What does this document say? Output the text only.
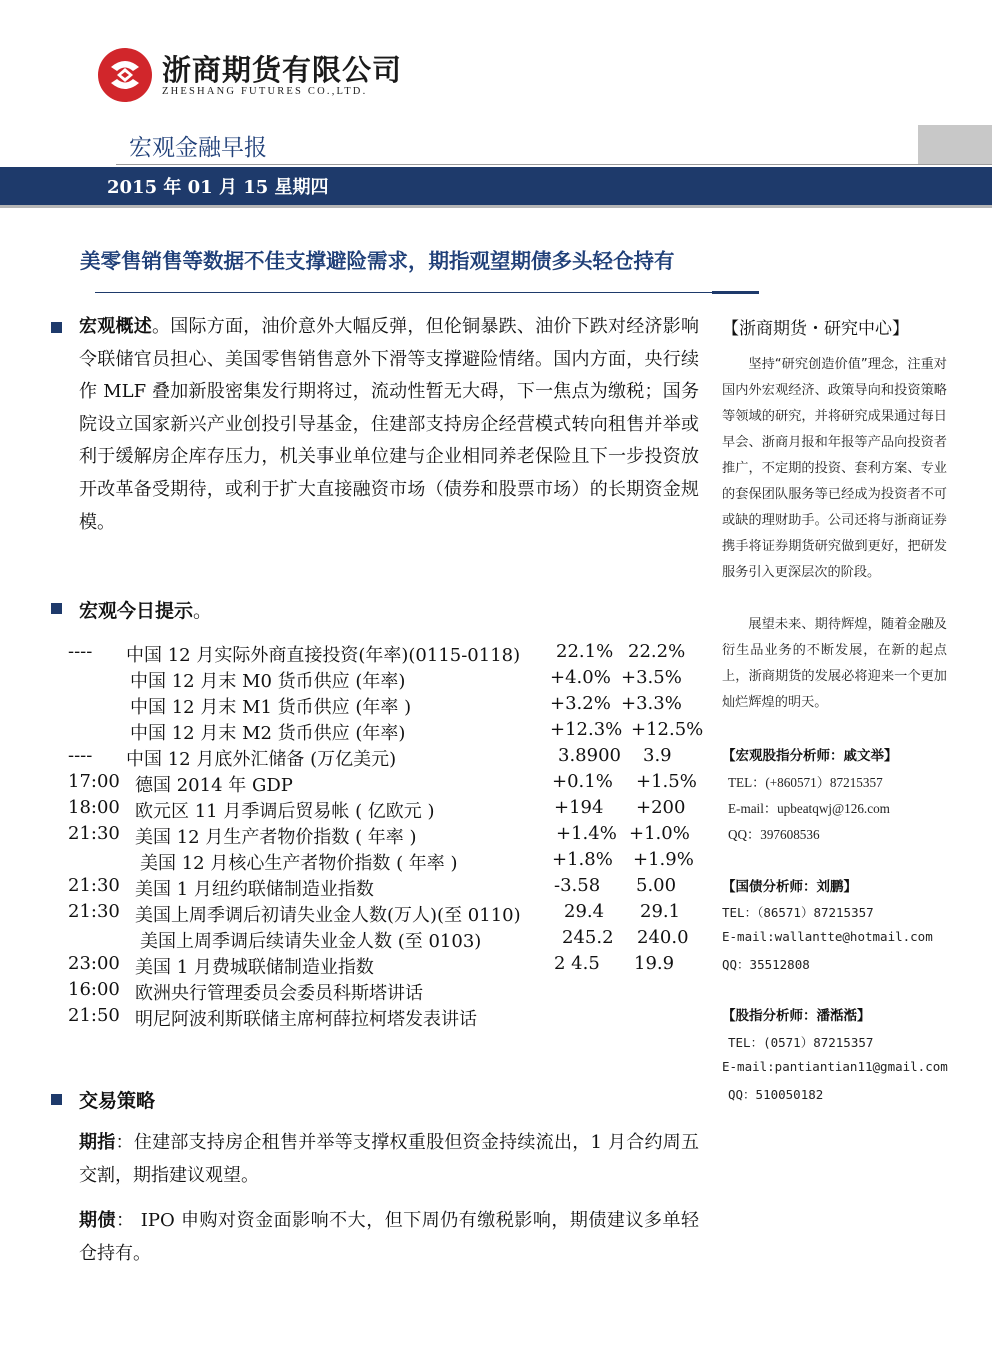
浙商期货有限公司
ZHESHANG FUTURES CO.,LTD.
宏观金融早报
2015 年 01 月 15 星期四
美零售销售等数据不佳支撑避险需求，期指观望期债多头轻仓持有
宏观概述。国际方面，油价意外大幅反弹，但伦铜暴跌、油价下跌对经济影响令联储官员担心、美国零售销售意外下滑等支撑避险情绪。国内方面，央行续作 MLF 叠加新股密集发行期将过，流动性暂无大碍，下一焦点为缴税；国务院设立国家新兴产业创投引导基金，住建部支持房企经营模式转向租售并举或利于缓解房企库存压力，机关事业单位建与企业相同养老保险且下一步投资放开改革备受期待，或利于扩大直接融资市场（债券和股票市场）的长期资金规模。
宏观今日提示。
---- 中国 12 月实际外商直接投资(年率)(0115-0118) 22.1% 22.2%
中国 12 月末 M0 货币供应 (年率)	+4.0% +3.5%
中国 12 月末 M1 货币供应 (年率 )	+3.2% +3.3%
中国 12 月末 M2 货币供应 (年率)	+12.3% +12.5%
---- 中国 12 月底外汇储备 (万亿美元)	3.8900 3.9
17:00 德国 2014 年 GDP	+0.1% +1.5%
18:00 欧元区 11 月季调后贸易帐 ( 亿欧元 )	+194 +200
21:30 美国 12 月生产者物价指数 ( 年率 )	+1.4% +1.0%
美国 12 月核心生产者物价指数 ( 年率 )	+1.8% +1.9%
21:30 美国 1 月纽约联储制造业指数	-3.58 5.00
21:30 美国上周季调后初请失业金人数(万人)(至 0110) 29.4 29.1
美国上周季调后续请失业金人数 (至 0103)	245.2 240.0
23:00 美国 1 月费城联储制造业指数	2 4.5 19.9
16:00 欧洲央行管理委员会委员科斯塔讲话
21:50 明尼阿波利斯联储主席柯薛拉柯塔发表讲话
交易策略
期指：住建部支持房企租售并举等支撑权重股但资金持续流出，1 月合约周五交割，期指建议观望。
期债： IPO 申购对资金面影响不大，但下周仍有缴税影响，期债建议多单轻仓持有。
【浙商期货・研究中心】
坚持“研究创造价值”理念，注重对国内外宏观经济、政策导向和投资策略等领域的研究，并将研究成果通过每日早会、浙商月报和年报等产品向投资者推广，不定期的投资、套利方案、专业的套保团队服务等已经成为投资者不可或缺的理财助手。公司还将与浙商证券携手将证券期货研究做到更好，把研发服务引入更深层次的阶段。
展望未来、期待辉煌，随着金融及衍生品业务的不断发展，在新的起点上，浙商期货的发展必将迎来一个更加灿烂辉煌的明天。
【宏观股指分析师：戚文举】
TEL：(+860571）87215357
E-mail：upbeatqwj@126.com
QQ：397608536
【国债分析师：刘鹏】
TEL：（86571）87215357
E-mail:wallantte@hotmail.com
QQ：35512808
【股指分析师：潘湉湉】
TEL：(0571）87215357
E-mail:pantiantian11@gmail.com
QQ：510050182
